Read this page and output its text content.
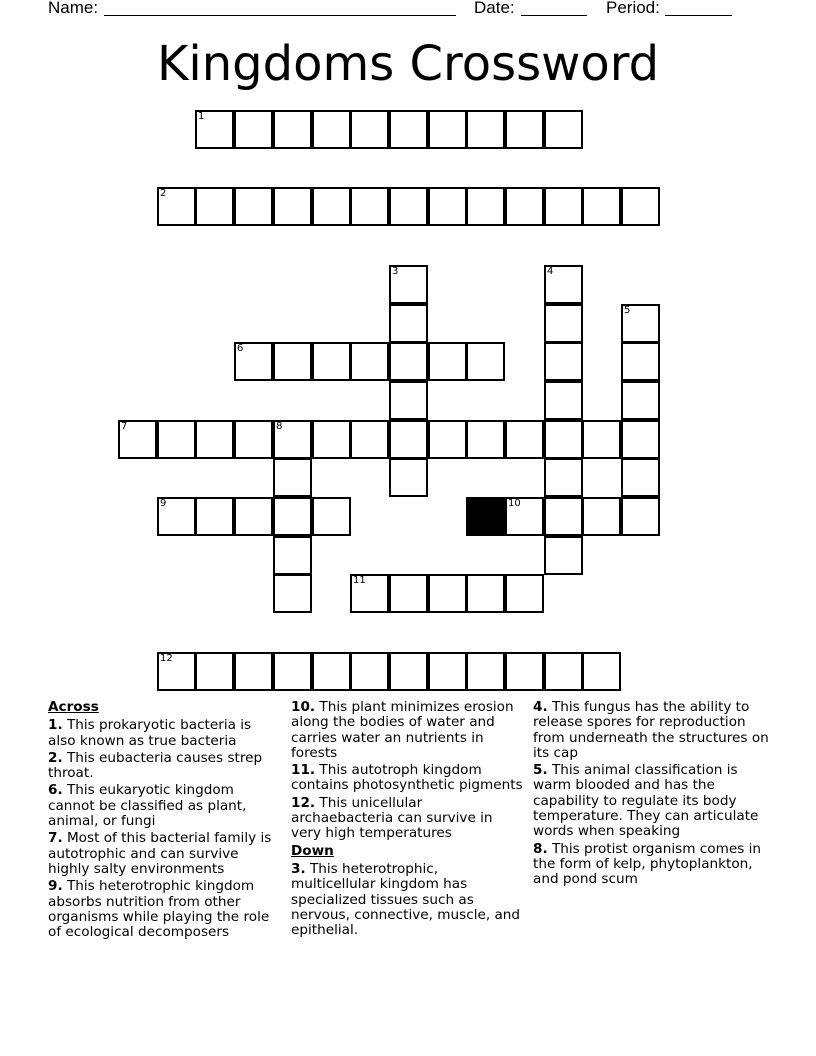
Name:	Date:	Period:
Kingdoms Crossword
1
2
3	4
5
6
7	8
9	10
11
12
Across
1. This prokaryotic bacteria is also known as true bacteria
2. This eubacteria causes strep throat.
6. This eukaryotic kingdom cannot be classified as plant, animal, or fungi
7. Most of this bacterial family is autotrophic and can survive highly salty environments
9. This heterotrophic kingdom absorbs nutrition from other organisms while playing the role of ecological decomposers
10. This plant minimizes erosion along the bodies of water and carries water an nutrients in forests
11. This autotroph kingdom contains photosynthetic pigments
12. This unicellular archaebacteria can survive in very high temperatures
Down
3. This heterotrophic, multicellular kingdom has specialized tissues such as nervous, connective, muscle, and epithelial.
4. This fungus has the ability to release spores for reproduction from underneath the structures on its cap
5. This animal classification is warm blooded and has the capability to regulate its body temperature. They can articulate words when speaking
8. This protist organism comes in the form of kelp, phytoplankton, and pond scum
